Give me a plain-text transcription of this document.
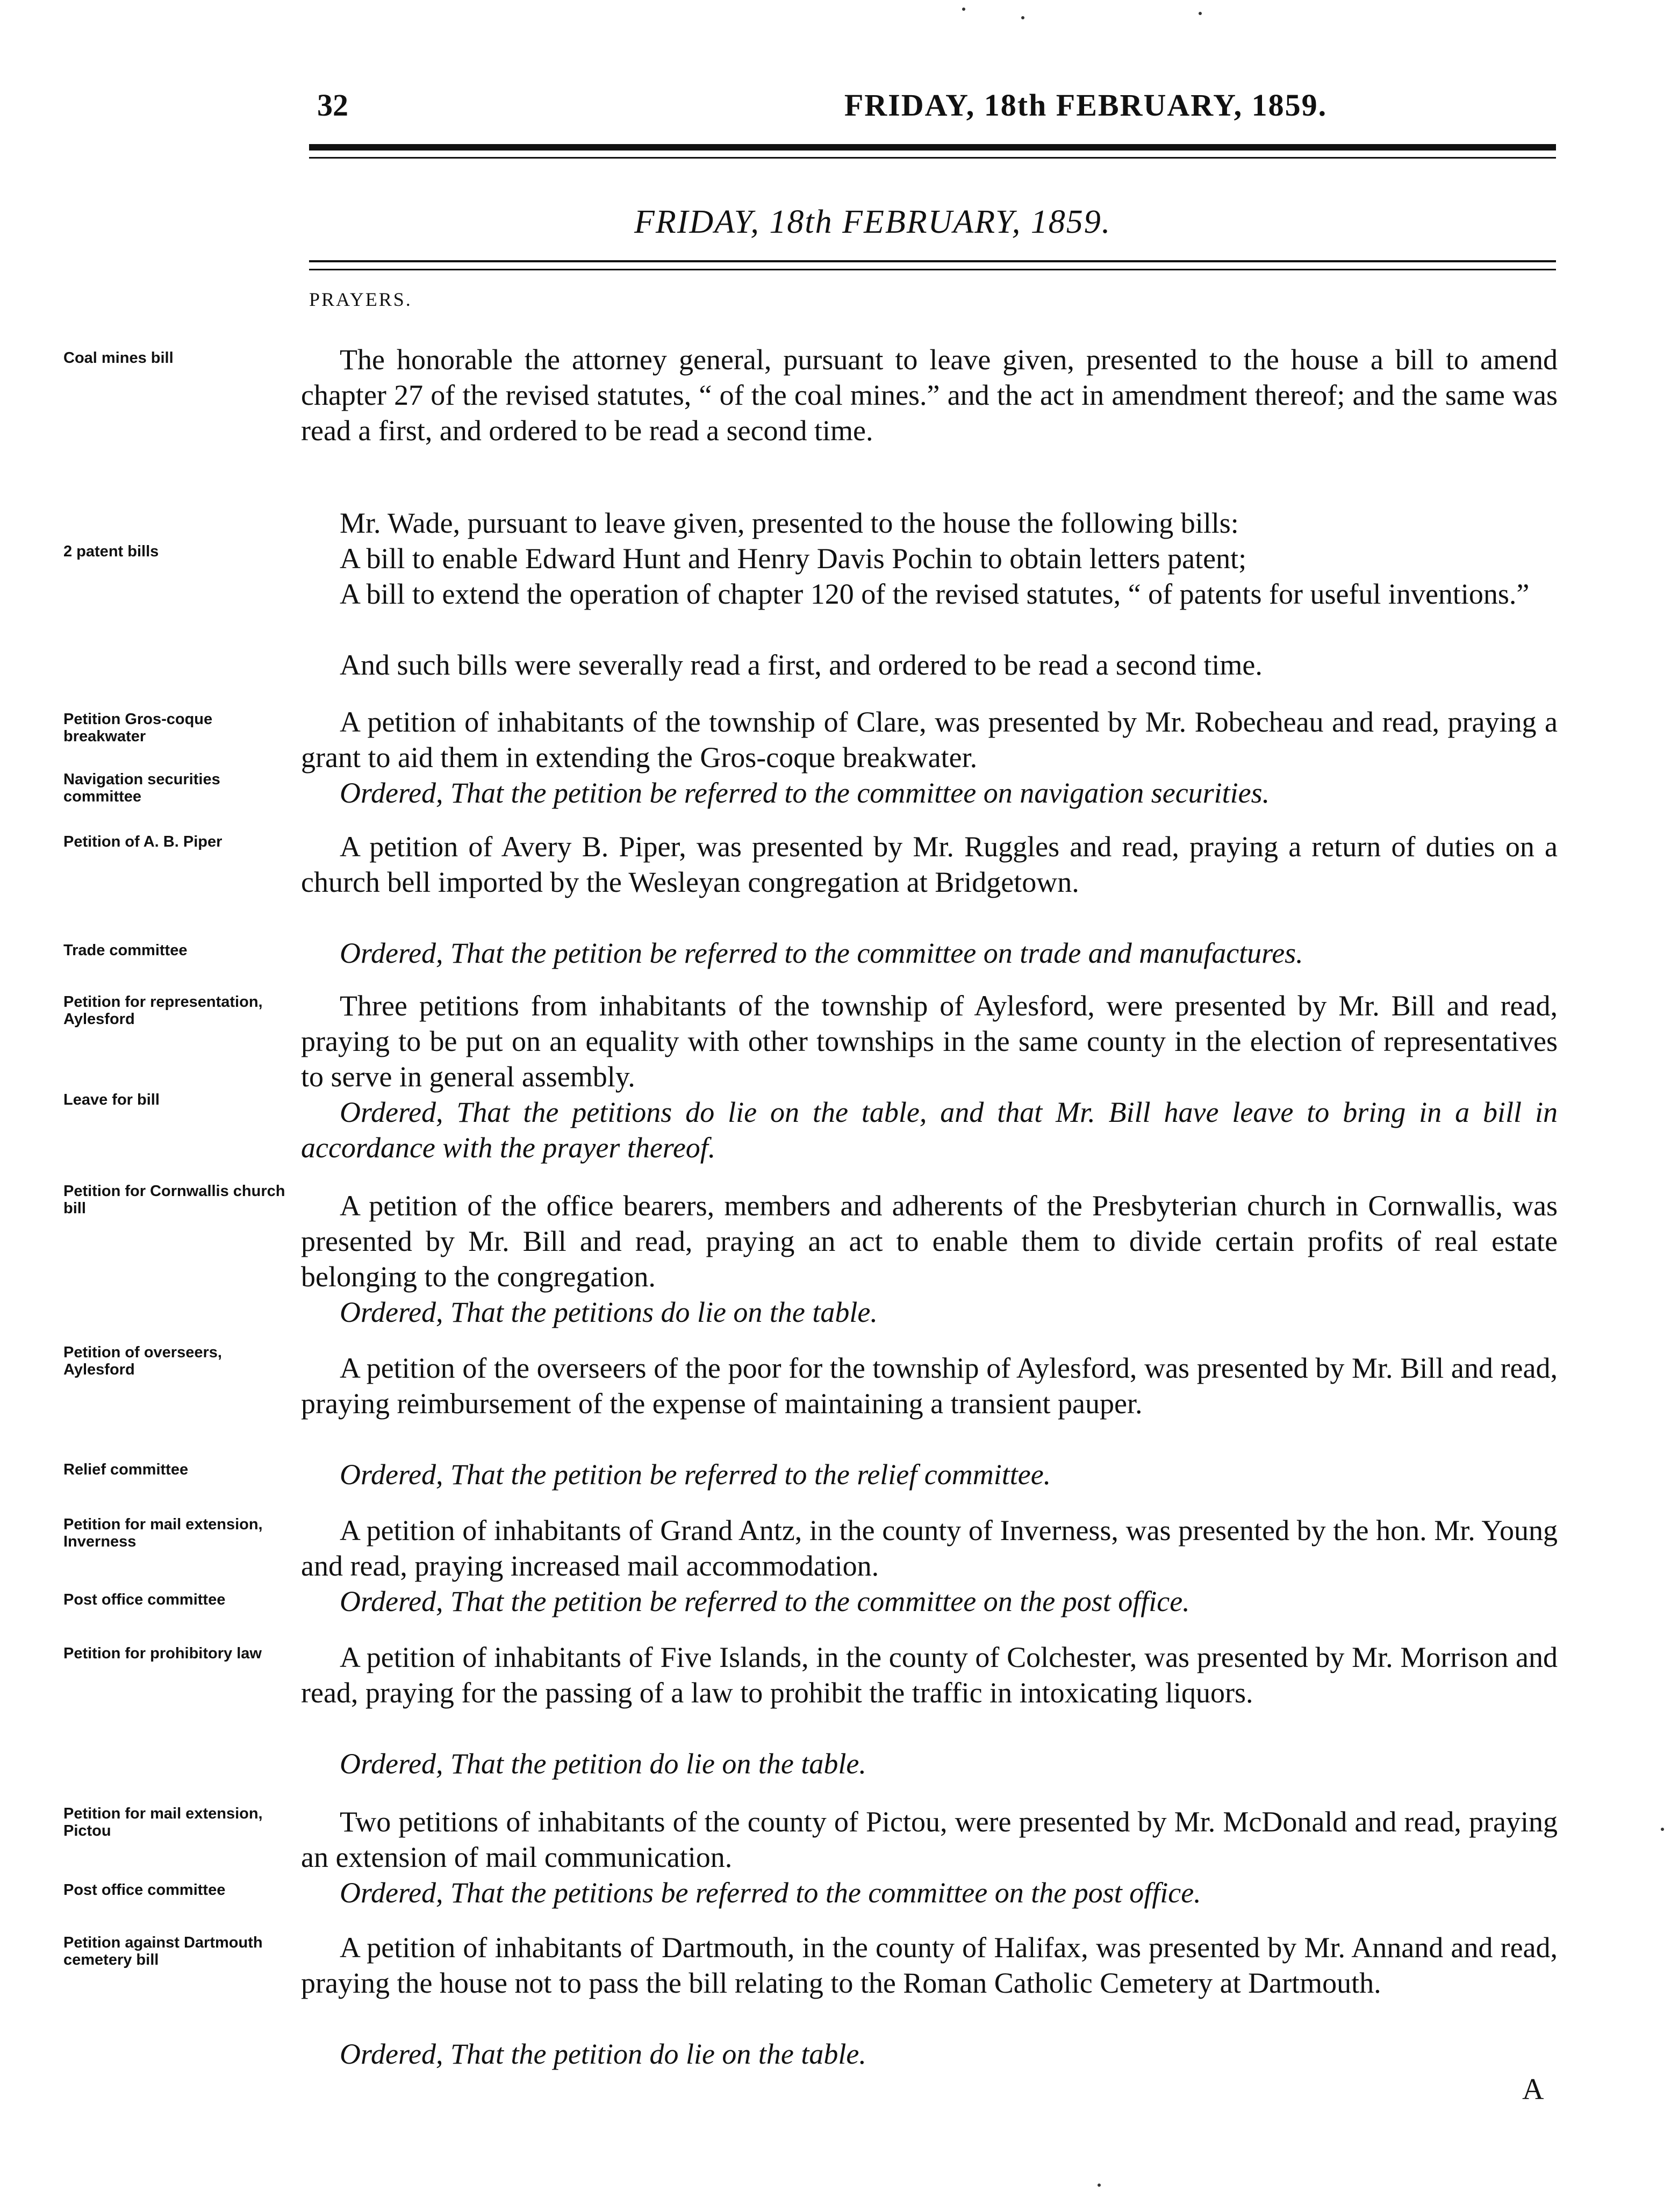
32	FRIDAY, 18th FEBRUARY, 1859.
FRIDAY, 18th FEBRUARY, 1859.
PRAYERS.
Coal mines bill
2 patent bills
Petition Gros-coque breakwater
Navigation securities committee
Petition of A. B. Piper
Trade committee
Petition for representation, Aylesford
Leave for bill
Petition for Cornwallis church bill
Petition of overseers, Aylesford
Relief committee
Petition for mail extension, Inverness
Post office committee
Petition for prohibitory law
Petition for mail extension, Pictou
Post office committee
Petition against Dartmouth cemetery bill
The honorable the attorney general, pursuant to leave given, presented to the house a bill to amend chapter 27 of the revised statutes, “ of the coal mines.” and the act in amendment thereof; and the same was read a first, and ordered to be read a second time.
Mr. Wade, pursuant to leave given, presented to the house the following bills:
A bill to enable Edward Hunt and Henry Davis Pochin to obtain letters patent;
A bill to extend the operation of chapter 120 of the revised statutes, “ of patents for useful inventions.”
And such bills were severally read a first, and ordered to be read a second time.
A petition of inhabitants of the township of Clare, was presented by Mr. Robecheau and read, praying a grant to aid them in extending the Gros-coque breakwater.
Ordered, That the petition be referred to the committee on navigation securities.
A petition of Avery B. Piper, was presented by Mr. Ruggles and read, praying a return of duties on a church bell imported by the Wesleyan congregation at Bridgetown.
Ordered, That the petition be referred to the committee on trade and manufactures.
Three petitions from inhabitants of the township of Aylesford, were presented by Mr. Bill and read, praying to be put on an equality with other townships in the same county in the election of representatives to serve in general assembly.
Ordered, That the petitions do lie on the table, and that Mr. Bill have leave to bring in a bill in accordance with the prayer thereof.
A petition of the office bearers, members and adherents of the Presbyterian church in Cornwallis, was presented by Mr. Bill and read, praying an act to enable them to divide certain profits of real estate belonging to the congregation.
Ordered, That the petitions do lie on the table.
A petition of the overseers of the poor for the township of Aylesford, was presented by Mr. Bill and read, praying reimbursement of the expense of maintaining a transient pauper.
Ordered, That the petition be referred to the relief committee.
A petition of inhabitants of Grand Antz, in the county of Inverness, was presented by the hon. Mr. Young and read, praying increased mail accommodation.
Ordered, That the petition be referred to the committee on the post office.
A petition of inhabitants of Five Islands, in the county of Colchester, was presented by Mr. Morrison and read, praying for the passing of a law to prohibit the traffic in intoxicating liquors.
Ordered, That the petition do lie on the table.
Two petitions of inhabitants of the county of Pictou, were presented by Mr. McDonald and read, praying an extension of mail communication.
Ordered, That the petitions be referred to the committee on the post office.
A petition of inhabitants of Dartmouth, in the county of Halifax, was presented by Mr. Annand and read, praying the house not to pass the bill relating to the Roman Catholic Cemetery at Dartmouth.
Ordered, That the petition do lie on the table.
A
